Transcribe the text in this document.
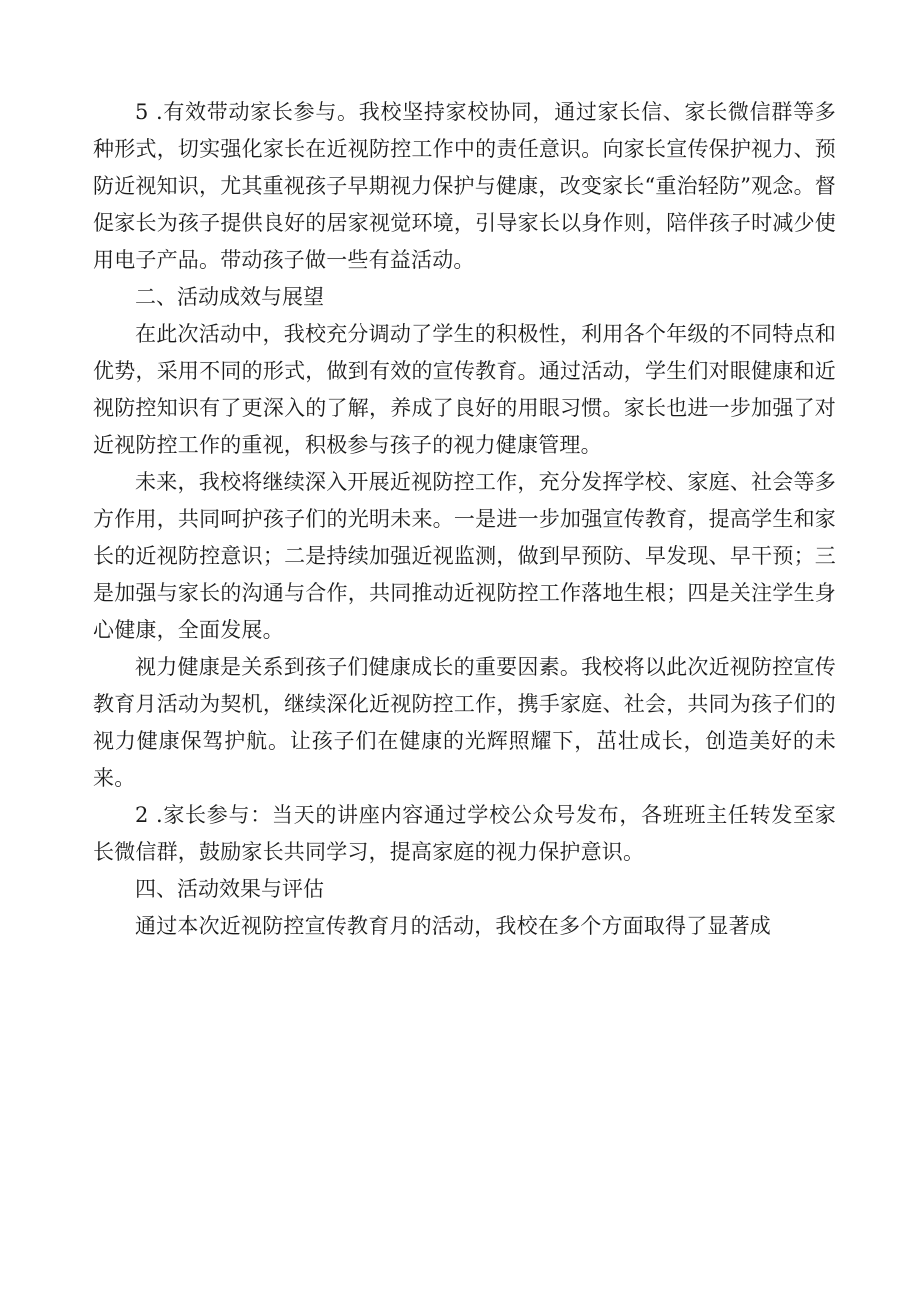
5 .有效带动家长参与。我校坚持家校协同，通过家长信、家长微信群等多种形式，切实强化家长在近视防控工作中的责任意识。向家长宣传保护视力、预防近视知识，尤其重视孩子早期视力保护与健康，改变家长“重治轻防”观念。督促家长为孩子提供良好的居家视觉环境，引导家长以身作则，陪伴孩子时减少使用电子产品。带动孩子做一些有益活动。

二、活动成效与展望

在此次活动中，我校充分调动了学生的积极性，利用各个年级的不同特点和优势，采用不同的形式，做到有效的宣传教育。通过活动，学生们对眼健康和近视防控知识有了更深入的了解，养成了良好的用眼习惯。家长也进一步加强了对近视防控工作的重视，积极参与孩子的视力健康管理。

未来，我校将继续深入开展近视防控工作，充分发挥学校、家庭、社会等多方作用，共同呵护孩子们的光明未来。一是进一步加强宣传教育，提高学生和家长的近视防控意识；二是持续加强近视监测，做到早预防、早发现、早干预；三是加强与家长的沟通与合作，共同推动近视防控工作落地生根；四是关注学生身心健康，全面发展。

视力健康是关系到孩子们健康成长的重要因素。我校将以此次近视防控宣传教育月活动为契机，继续深化近视防控工作，携手家庭、社会，共同为孩子们的视力健康保驾护航。让孩子们在健康的光辉照耀下，茁壮成长，创造美好的未来。

2 .家长参与：当天的讲座内容通过学校公众号发布，各班班主任转发至家长微信群，鼓励家长共同学习，提高家庭的视力保护意识。

四、活动效果与评估

通过本次近视防控宣传教育月的活动，我校在多个方面取得了显著成
